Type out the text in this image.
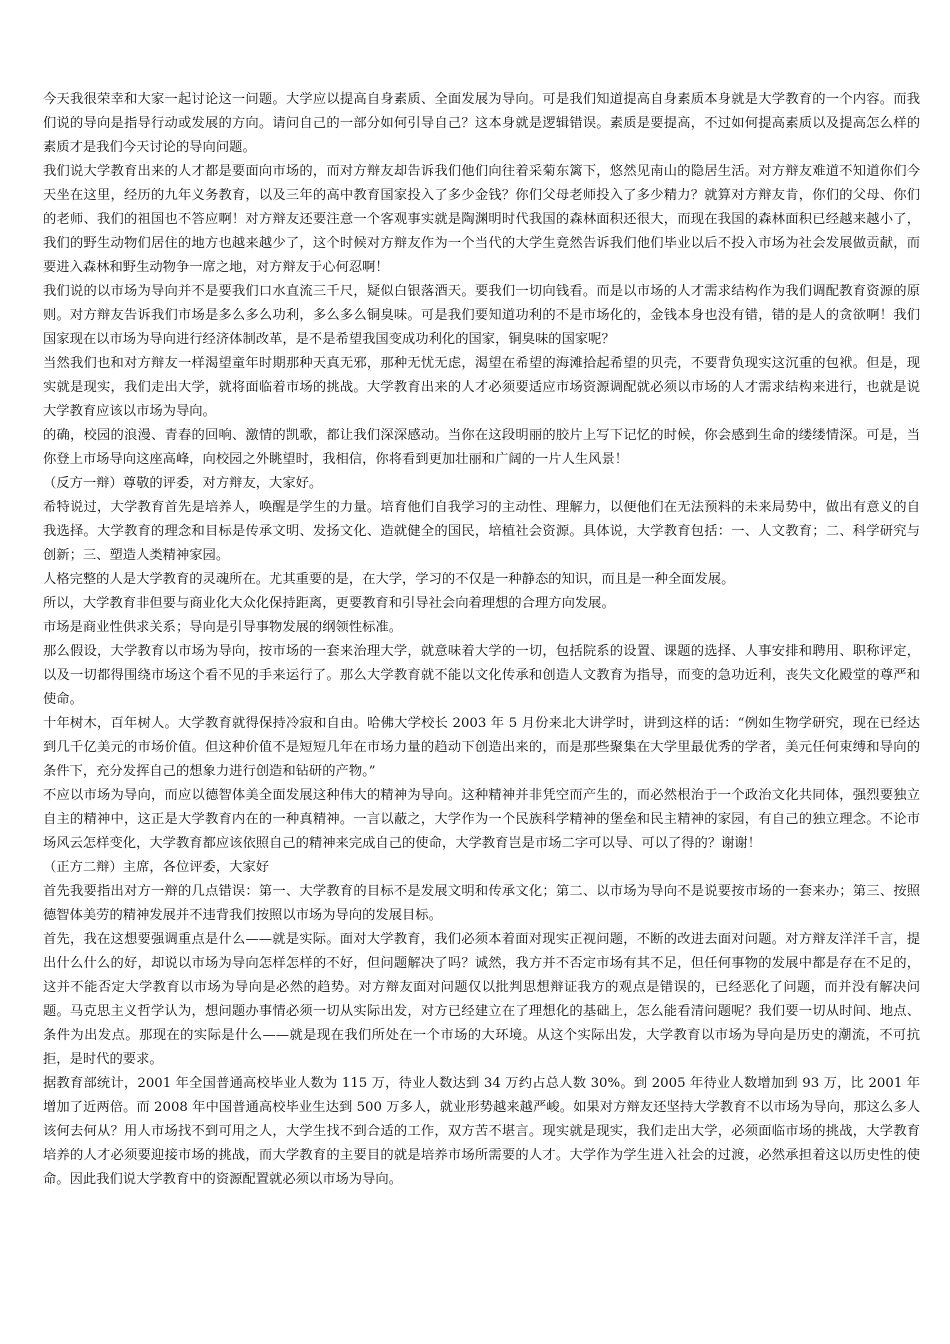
今天我很荣幸和大家一起讨论这一问题。大学应以提高自身素质、全面发展为导向。可是我们知道提高自身素质本身就是大学教育的一个内容。而我们说的导向是指导行动或发展的方向。请问自己的一部分如何引导自己？这本身就是逻辑错误。素质是要提高，不过如何提高素质以及提高怎么样的素质才是我们今天讨论的导向问题。

我们说大学教育出来的人才都是要面向市场的，而对方辩友却告诉我们他们向往着采菊东篱下，悠然见南山的隐居生活。对方辩友难道不知道你们今天坐在这里，经历的九年义务教育，以及三年的高中教育国家投入了多少金钱？你们父母老师投入了多少精力？就算对方辩友肯，你们的父母、你们的老师、我们的祖国也不答应啊！对方辩友还要注意一个客观事实就是陶渊明时代我国的森林面积还很大，而现在我国的森林面积已经越来越小了，我们的野生动物们居住的地方也越来越少了，这个时候对方辩友作为一个当代的大学生竟然告诉我们他们毕业以后不投入市场为社会发展做贡献，而要进入森林和野生动物争一席之地，对方辩友于心何忍啊！

我们说的以市场为导向并不是要我们口水直流三千尺，疑似白银落酒天。要我们一切向钱看。而是以市场的人才需求结构作为我们调配教育资源的原则。对方辩友告诉我们市场是多么多么功利，多么多么铜臭味。可是我们要知道功利的不是市场化的，金钱本身也没有错，错的是人的贪欲啊！我们国家现在以市场为导向进行经济体制改革，是不是希望我国变成功利化的国家，铜臭味的国家呢？

当然我们也和对方辩友一样渴望童年时期那种天真无邪，那种无忧无虑，渴望在希望的海滩拾起希望的贝壳，不要背负现实这沉重的包袱。但是，现实就是现实，我们走出大学，就将面临着市场的挑战。大学教育出来的人才必须要适应市场资源调配就必须以市场的人才需求结构来进行，也就是说大学教育应该以市场为导向。

的确，校园的浪漫、青春的回响、激情的凯歌，都让我们深深感动。当你在这段明丽的胶片上写下记忆的时候，你会感到生命的缕缕情深。可是，当你登上市场导向这座高峰，向校园之外眺望时，我相信，你将看到更加壮丽和广阔的一片人生风景！

（反方一辩）尊敬的评委，对方辩友，大家好。

希特说过，大学教育首先是培养人，唤醒是学生的力量。培育他们自我学习的主动性、理解力，以便他们在无法预料的未来局势中，做出有意义的自我选择。大学教育的理念和目标是传承文明、发扬文化、造就健全的国民，培植社会资源。具体说，大学教育包括：一、人文教育；二、科学研究与创新；三、塑造人类精神家园。

人格完整的人是大学教育的灵魂所在。尤其重要的是，在大学，学习的不仅是一种静态的知识，而且是一种全面发展。

所以，大学教育非但要与商业化大众化保持距离，更要教育和引导社会向着理想的合理方向发展。

市场是商业性供求关系；导向是引导事物发展的纲领性标准。

那么假设，大学教育以市场为导向，按市场的一套来治理大学，就意味着大学的一切，包括院系的设置、课题的选择、人事安排和聘用、职称评定，以及一切都得围绕市场这个看不见的手来运行了。那么大学教育就不能以文化传承和创造人文教育为指导，而变的急功近利，丧失文化殿堂的尊严和使命。

十年树木，百年树人。大学教育就得保持冷寂和自由。哈佛大学校长 2003 年 5 月份来北大讲学时，讲到这样的话：“例如生物学研究，现在已经达到几千亿美元的市场价值。但这种价值不是短短几年在市场力量的趋动下创造出来的，而是那些聚集在大学里最优秀的学者，美元任何束缚和导向的条件下，充分发挥自己的想象力进行创造和钻研的产物。”

不应以市场为导向，而应以德智体美全面发展这种伟大的精神为导向。这种精神并非凭空而产生的，而必然根治于一个政治文化共同体，强烈要独立自主的精神中，这正是大学教育内在的一种真精神。一言以蔽之，大学作为一个民族科学精神的堡垒和民主精神的家园，有自己的独立理念。不论市场风云怎样变化，大学教育都应该依照自己的精神来完成自己的使命，大学教育岂是市场二字可以导、可以了得的？谢谢！

（正方二辩）主席，各位评委，大家好

首先我要指出对方一辩的几点错误：第一、大学教育的目标不是发展文明和传承文化；第二、以市场为导向不是说要按市场的一套来办；第三、按照德智体美劳的精神发展并不违背我们按照以市场为导向的发展目标。

首先，我在这想要强调重点是什么——就是实际。面对大学教育，我们必须本着面对现实正视问题，不断的改进去面对问题。对方辩友洋洋千言，提出什么什么的好，却说以市场为导向怎样怎样的不好，但问题解决了吗？诚然，我方并不否定市场有其不足，但任何事物的发展中都是存在不足的，这并不能否定大学教育以市场为导向是必然的趋势。对方辩友面对问题仅以批判思想辩证我方的观点是错误的，已经恶化了问题，而并没有解决问题。马克思主义哲学认为，想问题办事情必须一切从实际出发，对方已经建立在了理想化的基础上，怎么能看清问题呢？我们要一切从时间、地点、条件为出发点。那现在的实际是什么——就是现在我们所处在一个市场的大环境。从这个实际出发，大学教育以市场为导向是历史的潮流，不可抗拒，是时代的要求。

据教育部统计，2001 年全国普通高校毕业人数为 115 万，待业人数达到 34 万约占总人数 30%。到 2005 年待业人数增加到 93 万，比 2001 年增加了近两倍。而 2008 年中国普通高校毕业生达到 500 万多人，就业形势越来越严峻。如果对方辩友还坚持大学教育不以市场为导向，那这么多人该何去何从？用人市场找不到可用之人，大学生找不到合适的工作，双方苦不堪言。现实就是现实，我们走出大学，必须面临市场的挑战，大学教育培养的人才必须要迎接市场的挑战，而大学教育的主要目的就是培养市场所需要的人才。大学作为学生进入社会的过渡，必然承担着这以历史性的使命。因此我们说大学教育中的资源配置就必须以市场为导向。
